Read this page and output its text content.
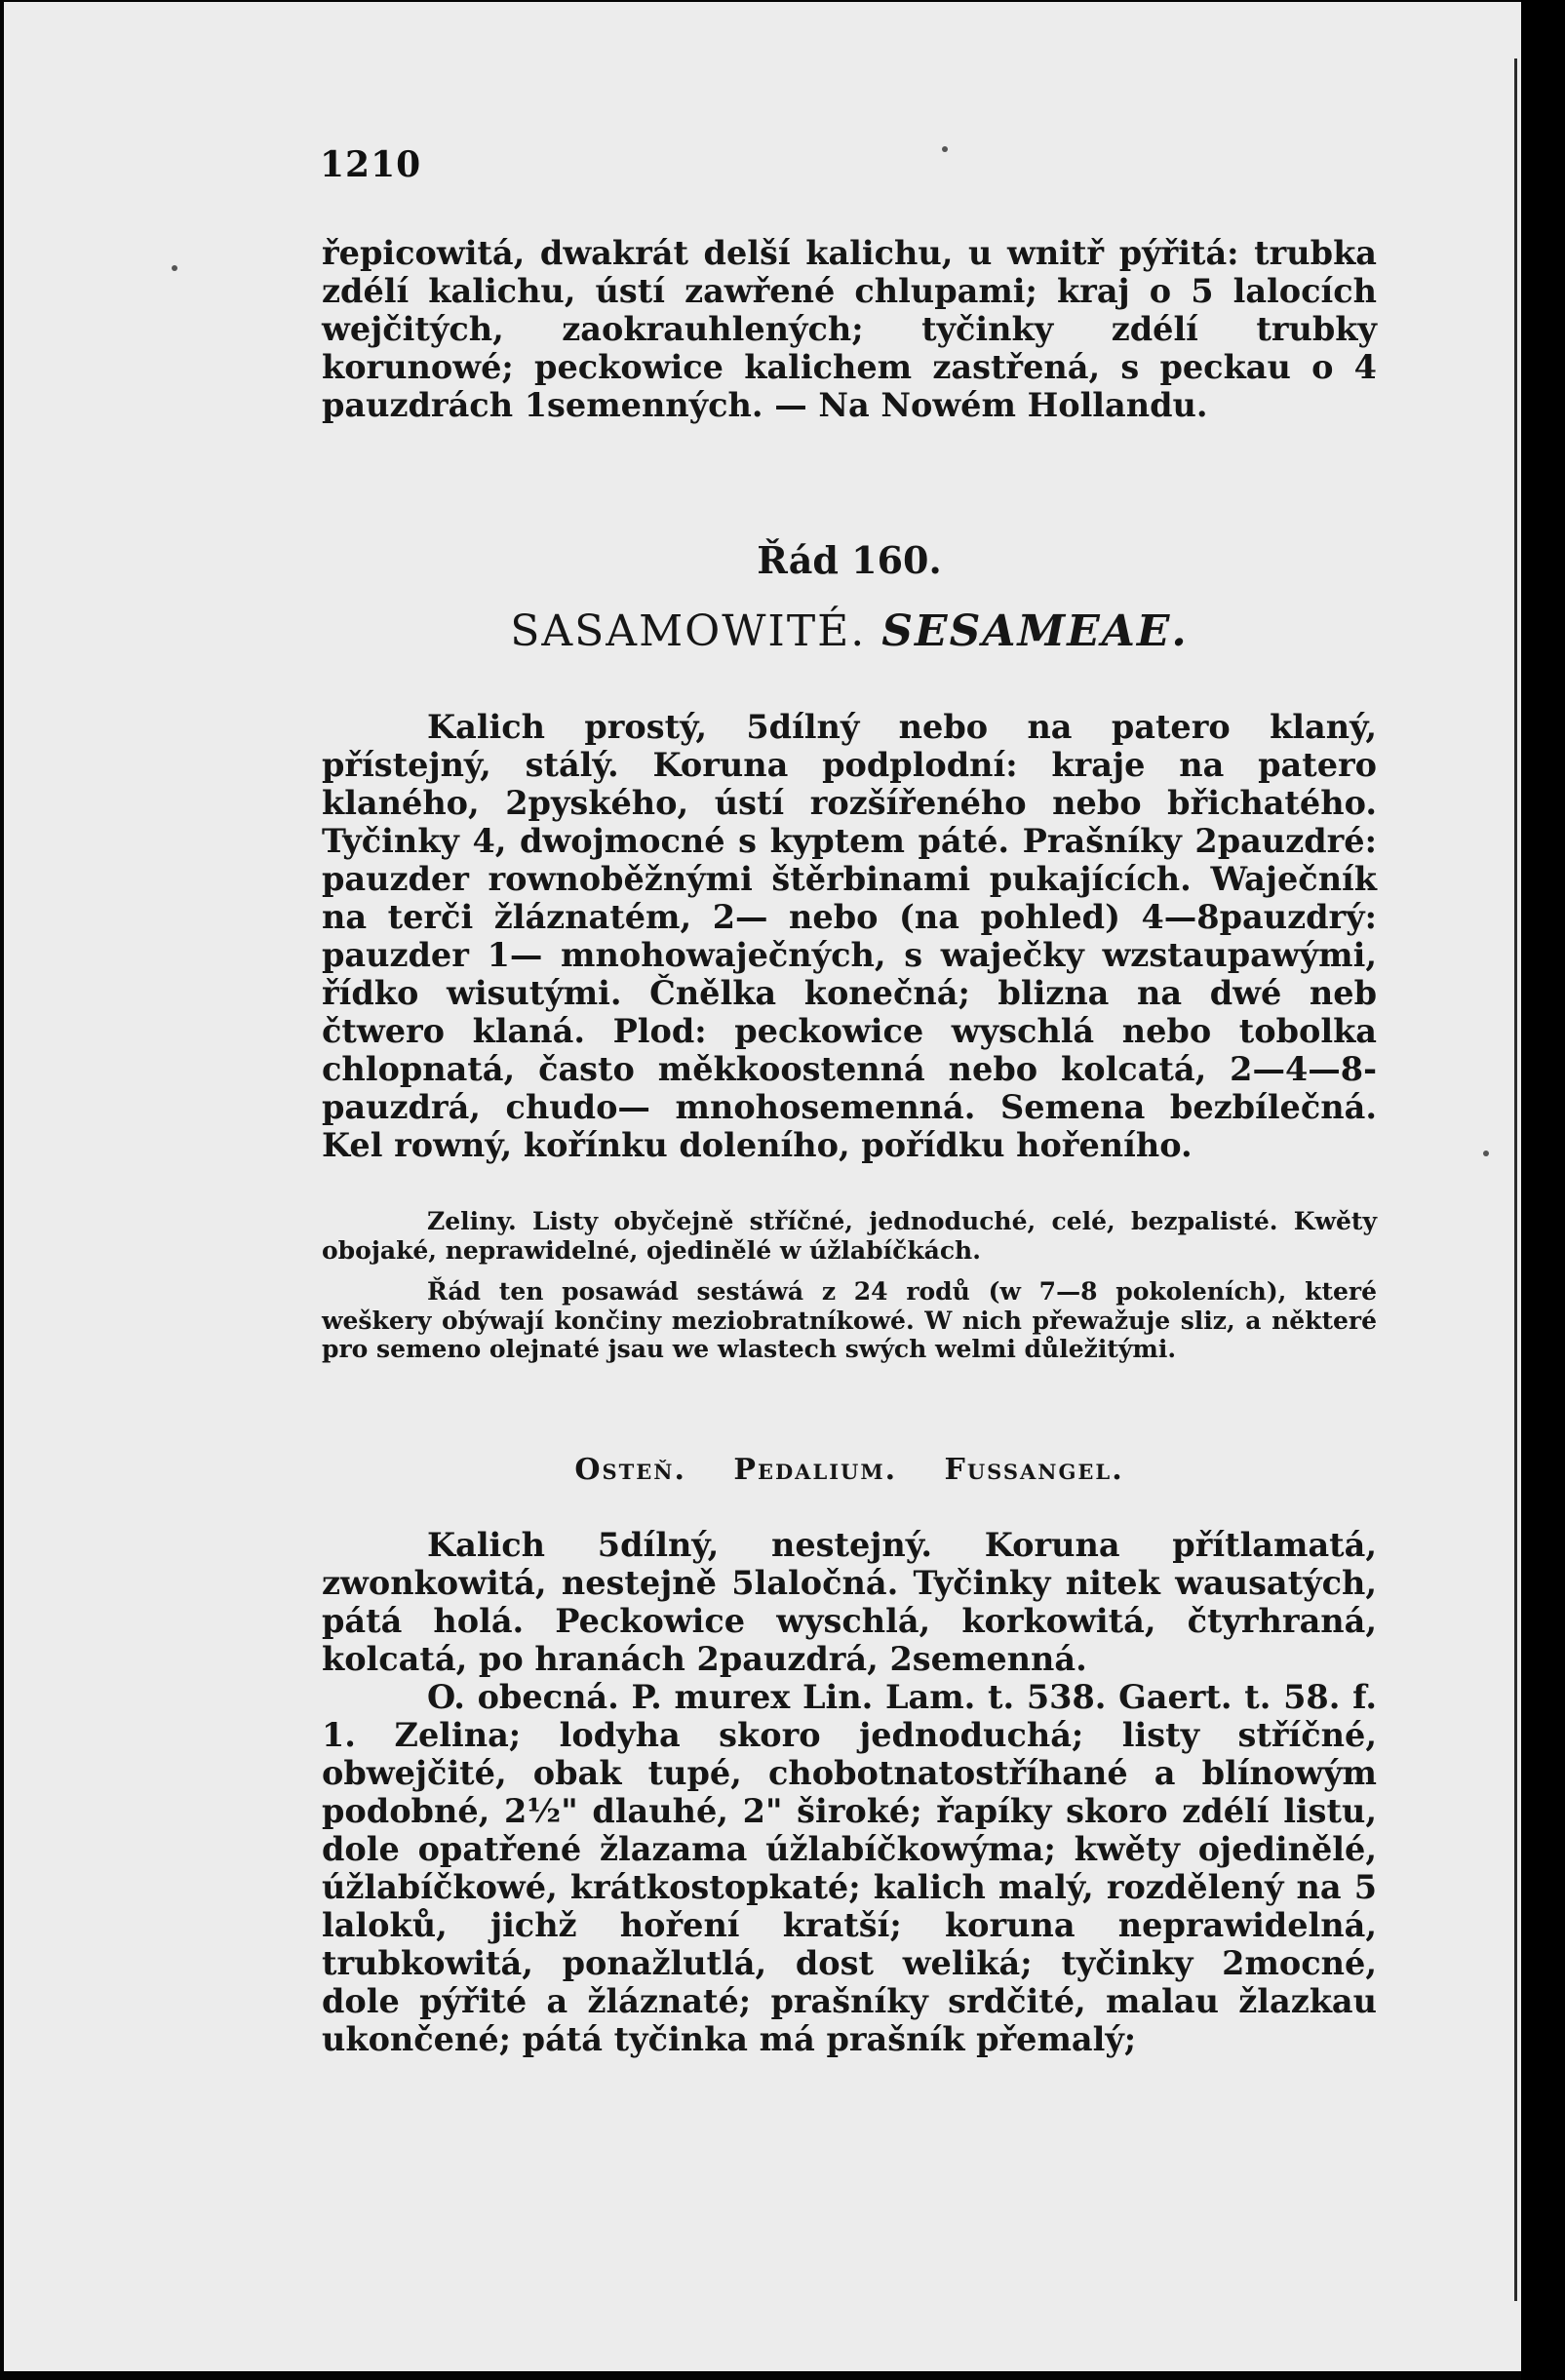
1210

řepicowitá, dwakrát delší kalichu, u wnitř pýřitá: trubka zdélí kalichu, ústí zawřené chlupami; kraj o 5 lalocích wejčitých, zaokrauhlených; tyčinky zdélí trubky korunowé; peckowice kalichem zastřená, s peckau o 4 pauzdrách 1semenných. — Na Nowém Hollandu.

Řád 160.
SASAMOWITÉ. SESAMEAE.

Kalich prostý, 5dílný nebo na patero klaný, přístejný, stálý. Koruna podplodní: kraje na patero klaného, 2pyského, ústí rozšířeného nebo břichatého. Tyčinky 4, dwojmocné s kyptem páté. Prašníky 2pauzdré: pauzder rownoběžnými štěrbinami pukajících. Waječník na terči žláznatém, 2— nebo (na pohled) 4—8pauzdrý: pauzder 1— mnohowaječných, s waječky wzstaupawými, řídko wisutými. Čnělka konečná; blizna na dwé neb čtwero klaná. Plod: peckowice wyschlá nebo tobolka chlopnatá, často měkkoostenná nebo kolcatá, 2—4—8-pauzdrá, chudo— mnohosemenná. Semena bezbílečná. Kel rowný, kořínku doleního, pořídku hořeního.

Zeliny. Listy obyčejně stříčné, jednoduché, celé, bezpalisté. Kwěty obojaké, neprawidelné, ojedinělé w úžlabíčkách.

Řád ten posawád sestáwá z 24 rodů (w 7—8 pokoleních), které weškery obýwají končiny meziobratníkowé. W nich přewažuje sliz, a některé pro semeno olejnaté jsau we wlastech swých welmi důležitými.

Osteň. Pedalium. Fussangel.

Kalich 5dílný, nestejný. Koruna přítlamatá, zwonkowitá, nestejně 5laločná. Tyčinky nitek wausatých, pátá holá. Peckowice wyschlá, korkowitá, čtyrhraná, kolcatá, po hranách 2pauzdrá, 2semenná.

O. obecná. P. murex Lin. Lam. t. 538. Gaert. t. 58. f. 1. Zelina; lodyha skoro jednoduchá; listy stříčné, obwejčité, obak tupé, chobotnatostříhané a blínowým podobné, 2½" dlauhé, 2" široké; řapíky skoro zdélí listu, dole opatřené žlazama úžlabíčkowýma; kwěty ojedinělé, úžlabíčkowé, krátkostopkaté; kalich malý, rozdělený na 5 laloků, jichž hoření kratší; koruna neprawidelná, trubkowitá, ponažlutlá, dost weliká; tyčinky 2mocné, dole pýřité a žláznaté; prašníky srdčité, malau žlazkau ukončené; pátá tyčinka má prašník přemalý;
